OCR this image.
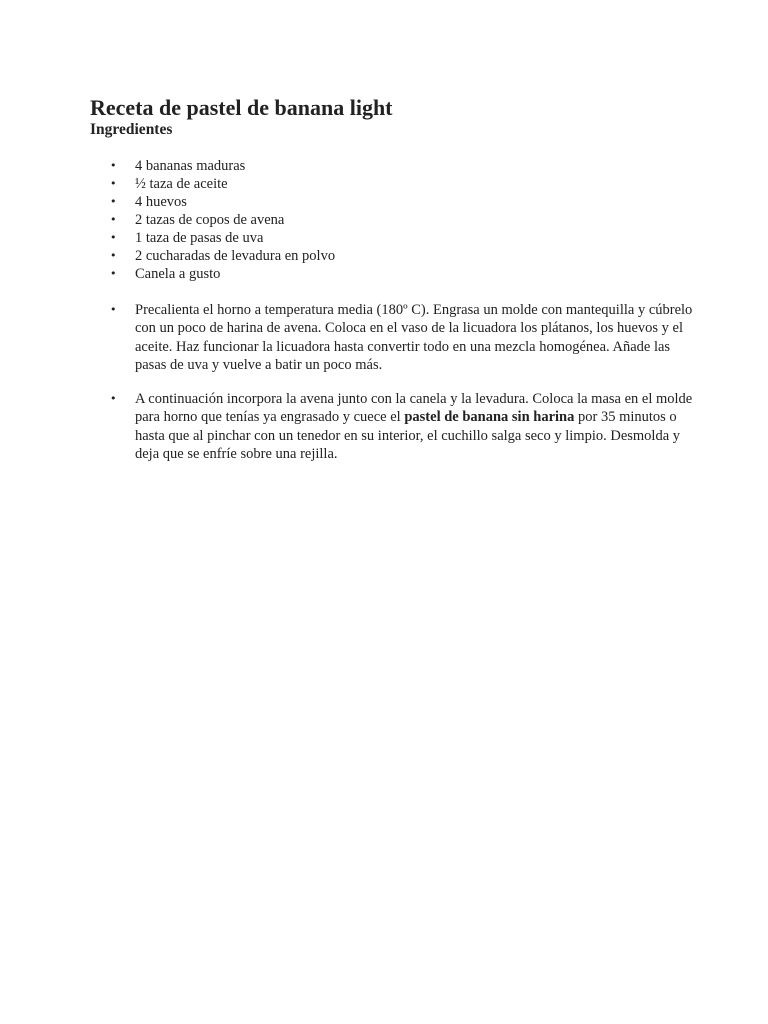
Receta de pastel de banana light
Ingredientes
• 4 bananas maduras
• ½ taza de aceite
• 4 huevos
• 2 tazas de copos de avena
• 1 taza de pasas de uva
• 2 cucharadas de levadura en polvo
• Canela a gusto
• Precalienta el horno a temperatura media (180º C). Engrasa un molde con mantequilla y cúbrelo con un poco de harina de avena. Coloca en el vaso de la licuadora los plátanos, los huevos y el aceite. Haz funcionar la licuadora hasta convertir todo en una mezcla homogénea. Añade las pasas de uva y vuelve a batir un poco más.
• A continuación incorpora la avena junto con la canela y la levadura. Coloca la masa en el molde para horno que tenías ya engrasado y cuece el pastel de banana sin harina por 35 minutos o hasta que al pinchar con un tenedor en su interior, el cuchillo salga seco y limpio. Desmolda y deja que se enfríe sobre una rejilla.
